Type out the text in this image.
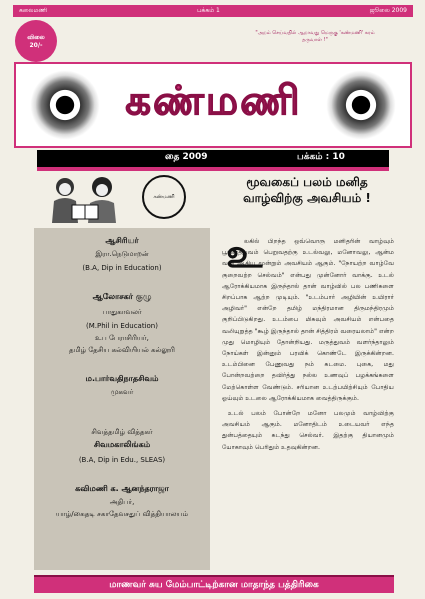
கலைமணி	பக்கம் 1	ஜூலை 2009
விலை
20/-
"அறம் செய்வதில் ஆறாவது மெருகு 'கண்மணி' கரம் தருவாள் !"
கண்மணி
தை 2009	பக்கம் : 10
கண்மணி
மூவகைப் பலம் மனித வாழ்விற்கு அவசியம் !
ஆசிரியர்
இரா.நெடுமாறன்
(B.A, Dip in Education)
ஆலோசகர் குழு
பாதுகாவலர்
(M.Phil in Education)
உப பேராசிரியர்,
தமிழ் தேசிய கல்வியியல் கல்லூரி
ம.பார்வதிநாதசிவம்
முகவர்
சிவத்தமிழ் வித்தகர்
சிவமகாலிங்கம்
(B.A, Dip in Edu., SLEAS)
கவிமணி க. ஆனந்தராஜா
அதிபர்,
யாழ்/கைதடி சகாதேவசதுப் வித்தியாலயம்

லகில் பிறந்த ஒவ்வொரு மனிதரின் வாழ்வும் பூரணத்துவம் பெறுவதற்கு உடல்வலு, மனோவலு, ஆன்ம வலு ஆகிய மூன்றும் அவசியம் ஆகும். "நோயற்ற வாழ்வே குறைவற்ற செல்வம்" என்பது முன்னோர் வாக்கு. உடல் ஆரோக்கியமாக இருந்தால் தான் வாழ்வில் பல பணிகளை சிறப்பாக ஆற்ற முடியும். "உடம்பார் அழியின் உயிரார் அழிவர்" என்றே தமிழ் மந்திரமான திருமந்திரமும் குறிப்பிடுகிறது. உடம்பை மிகவும் அவசியம் என்பதை வலியுறுத்த "கூழ் இருந்தால் தான் சித்திரம் வரையலாம்" என்ற முது மொழியும் தோன்றியது. மருத்துவம் வளர்ந்தாலும் நோய்கள் இன்னும் பரவிக் கொண்டே இருக்கின்றன. உடம்பினை பேணுவது நம் கடமை. புகை, மது போன்றவற்றை தவிர்த்து நல்ல உணவுப் பழக்கங்களை மேற்கொள்ள வேண்டும். சரியான உடற்பயிற்சியும் போதிய ஓய்வும் உடலை ஆரோக்கியமாக வைத்திருக்கும்.

உடல் பலம் போன்றே மனோ பலமும் வாழ்விற்கு அவசியம் ஆகும். மனோதிடம் உடையவர் எந்த துன்பத்தையும் கடந்து செல்வர். இதற்கு தியானமும் யோகாவும் பெரிதும் உதவுகின்றன.

உ
மாணவர் சுய மேம்பாட்டிற்கான மாதாந்த பத்திரிகை
